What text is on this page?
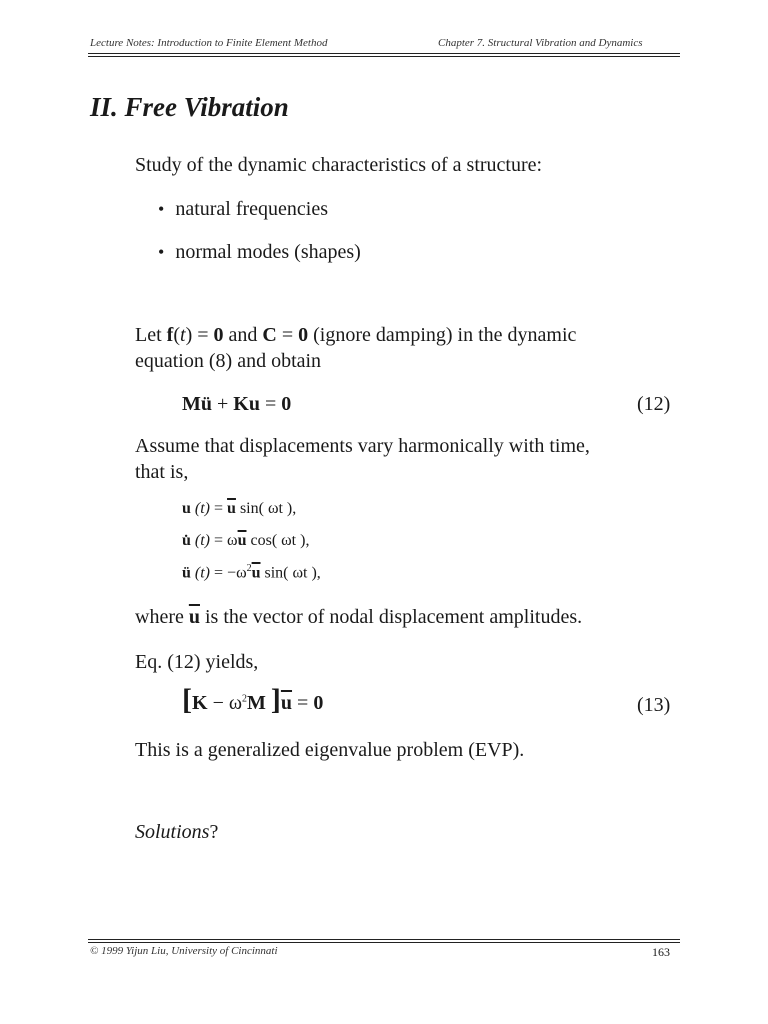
Lecture Notes: Introduction to Finite Element Method	Chapter 7. Structural Vibration and Dynamics
II. Free Vibration
Study of the dynamic characteristics of a structure:
• natural frequencies
• normal modes (shapes)
Let f(t) = 0 and C = 0 (ignore damping) in the dynamic
equation (8) and obtain
Mü + Ku = 0	(12)
Assume that displacements vary harmonically with time,
that is,
u $(t) = \overline{u}$ sin( ωt ),
u̇ $(t) = \omega\overline{u}$ cos( ωt ),
ü $(t) = -\omega^2\overline{u}$ sin( ωt ),
where $\overline{u}$ is the vector of nodal displacement amplitudes.
Eq. (12) yields,
[$K - \omega^2M$ ]$\overline{u} = 0$	(13)
This is a generalized eigenvalue problem (EVP).
Solutions?
© 1999 Yijun Liu, University of Cincinnati	163
